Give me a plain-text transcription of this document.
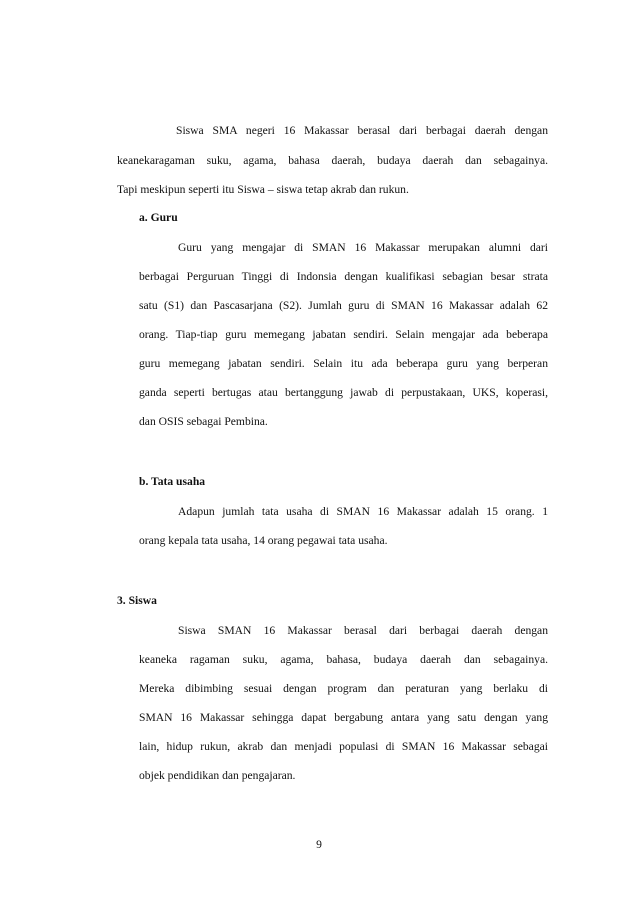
Siswa SMA negeri 16 Makassar berasal dari berbagai daerah dengan
keanekaragaman suku, agama, bahasa daerah, budaya daerah dan sebagainya.
Tapi meskipun seperti itu Siswa – siswa tetap akrab dan rukun.
a. Guru
Guru yang mengajar di SMAN 16 Makassar merupakan alumni dari
berbagai Perguruan Tinggi di Indonsia dengan kualifikasi sebagian besar strata
satu (S1) dan Pascasarjana (S2). Jumlah guru di SMAN 16 Makassar adalah 62
orang. Tiap-tiap guru memegang jabatan sendiri. Selain mengajar ada beberapa
guru memegang jabatan sendiri. Selain itu ada beberapa guru yang berperan
ganda seperti bertugas atau bertanggung jawab di perpustakaan, UKS, koperasi,
dan OSIS sebagai Pembina.
b. Tata usaha
Adapun jumlah tata usaha di SMAN 16 Makassar adalah 15 orang. 1
orang kepala tata usaha, 14 orang pegawai tata usaha.
3. Siswa
Siswa SMAN 16 Makassar berasal dari berbagai daerah dengan
keaneka ragaman suku, agama, bahasa, budaya daerah dan sebagainya.
Mereka dibimbing sesuai dengan program dan peraturan yang berlaku di
SMAN 16 Makassar sehingga dapat bergabung antara yang satu dengan yang
lain, hidup rukun, akrab dan menjadi populasi di SMAN 16 Makassar sebagai
objek pendidikan dan pengajaran.
9
